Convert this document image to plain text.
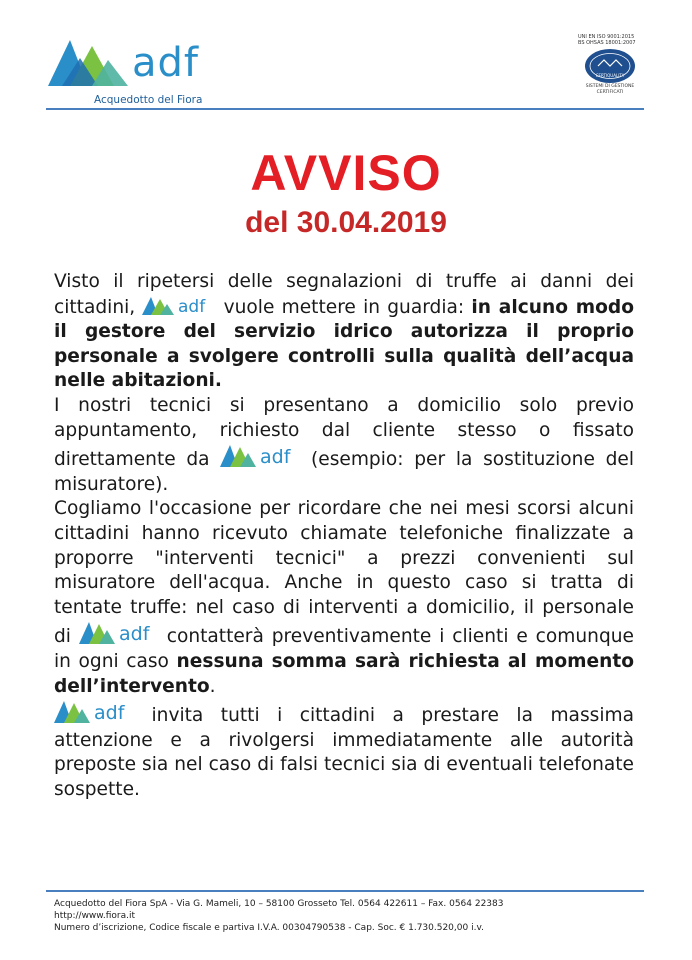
adf
Acquedotto del Fiora
UNI EN ISO 9001:2015
BS OHSAS 18001:2007
CERTIQUALITY
SISTEMI DI GESTIONE
CERTIFICATI
AVVISO
del 30.04.2019

Visto il ripetersi delle segnalazioni di truffe ai danni dei cittadini,	adf vuole mettere in guardia: in alcuno modo il gestore del servizio idrico autorizza il proprio personale a svolgere controlli sulla qualità dell’acqua nelle abitazioni.

I nostri tecnici si presentano a domicilio solo previo appuntamento, richiesto dal cliente stesso o fissato direttamente da	adf (esempio: per la sostituzione del misuratore).

Cogliamo l'occasione per ricordare che nei mesi scorsi alcuni cittadini hanno ricevuto chiamate telefoniche finalizzate a proporre "interventi tecnici" a prezzi convenienti sul misuratore dell'acqua. Anche in questo caso si tratta di tentate truffe: nel caso di interventi a domicilio, il personale di	adf contatterà preventivamente i clienti e comunque in ogni caso nessuna somma sarà richiesta al momento dell’intervento.

adf invita tutti i cittadini a prestare la massima attenzione e a rivolgersi immediatamente alle autorità preposte sia nel caso di falsi tecnici sia di eventuali telefonate sospette.

Acquedotto del Fiora SpA - Via G. Mameli, 10 – 58100 Grosseto Tel. 0564 422611 – Fax. 0564 22383
http://www.fiora.it
Numero d’iscrizione, Codice fiscale e partiva I.V.A. 00304790538 - Cap. Soc. € 1.730.520,00 i.v.
